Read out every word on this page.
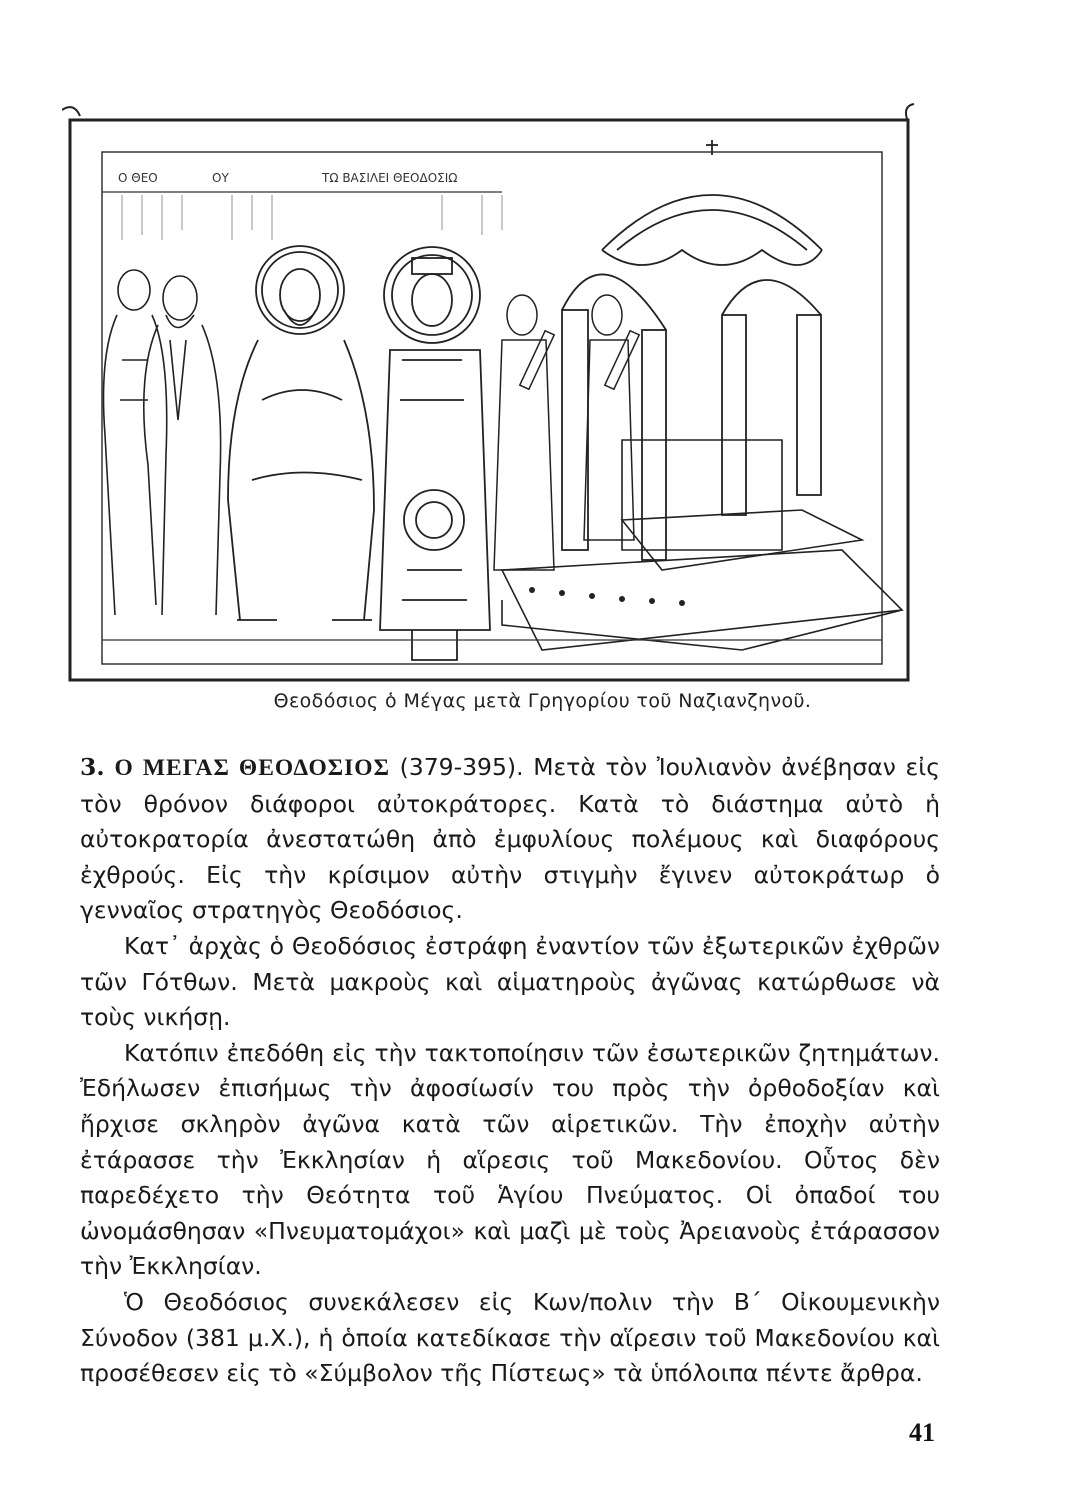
Ο ΘΕΟ	ΟΥ	ΤΩ ΒΑΣΙΛΕΙ ΘΕΟΔΟΣΙΩ
Θεοδόσιος ὁ Μέγας μετὰ Γρηγορίου τοῦ Ναζιανζηνοῦ.

3. Ο ΜΕΓΑΣ ΘΕΟΔΟΣΙΟΣ (379-395). Μετὰ τὸν Ἰουλιανὸν ἀνέβησαν εἰς τὸν θρόνον διάφοροι αὐτοκράτορες. Κατὰ τὸ διάστημα αὐτὸ ἡ αὐτοκρατορία ἀνεστατώθη ἀπὸ ἐμφυλίους πολέμους καὶ διαφόρους ἐχθρούς. Εἰς τὴν κρίσιμον αὐτὴν στιγμὴν ἔγινεν αὐτοκράτωρ ὁ γενναῖος στρατηγὸς Θεοδόσιος.

Κατ᾽ ἀρχὰς ὁ Θεοδόσιος ἐστράφη ἐναντίον τῶν ἐξωτερικῶν ἐχθρῶν τῶν Γότθων. Μετὰ μακροὺς καὶ αἱματηροὺς ἀγῶνας κατώρθωσε νὰ τοὺς νικήσῃ.

Κατόπιν ἐπεδόθη εἰς τὴν τακτοποίησιν τῶν ἐσωτερικῶν ζητημάτων. Ἐδήλωσεν ἐπισήμως τὴν ἀφοσίωσίν του πρὸς τὴν ὀρθοδοξίαν καὶ ἤρχισε σκληρὸν ἀγῶνα κατὰ τῶν αἱρετικῶν. Τὴν ἐποχὴν αὐτὴν ἐτάρασσε τὴν Ἐκκλησίαν ἡ αἵρεσις τοῦ Μακεδονίου. Οὗτος δὲν παρεδέχετο τὴν Θεότητα τοῦ Ἁγίου Πνεύματος. Οἱ ὀπαδοί του ὠνομάσθησαν «Πνευματομάχοι» καὶ μαζὶ μὲ τοὺς Ἀρειανοὺς ἐτάρασσον τὴν Ἐκκλησίαν.

Ὁ Θεοδόσιος συνεκάλεσεν εἰς Κων/πολιν τὴν Β΄ Οἰκουμενικὴν Σύνοδον (381 μ.Χ.), ἡ ὁποία κατεδίκασε τὴν αἵρεσιν τοῦ Μακεδονίου καὶ προσέθεσεν εἰς τὸ «Σύμβολον τῆς Πίστεως» τὰ ὑπόλοιπα πέντε ἄρθρα.

41
